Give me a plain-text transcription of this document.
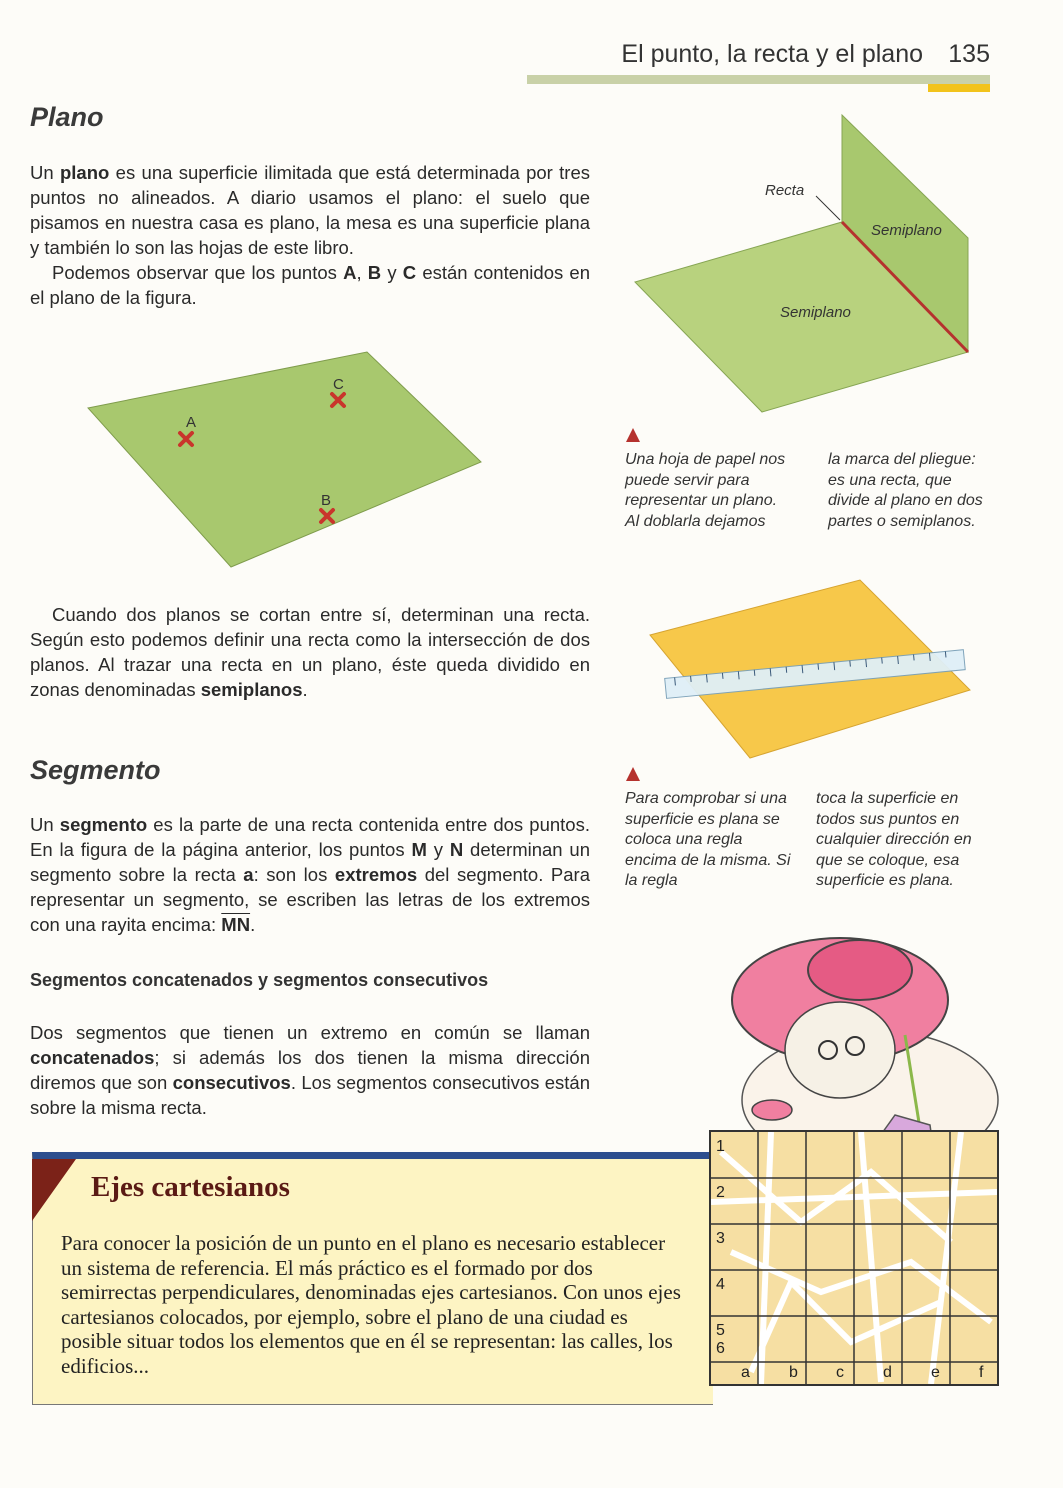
El punto, la recta y el plano 135
Plano

Un plano es una superficie ilimitada que está determinada por tres puntos no alineados. A diario usamos el plano: el suelo que pisamos en nuestra casa es plano, la mesa es una superficie plana y también lo son las hojas de este libro.

Podemos observar que los puntos A, B y C están contenidos en el plano de la figura.

A
C
B
Recta
Semiplano
Semiplano
Una hoja de papel nos puede servir para representar un plano. Al doblarla dejamos
la marca del pliegue: es una recta, que divide al plano en dos partes o semiplanos.

Cuando dos planos se cortan entre sí, determinan una recta. Según esto podemos definir una recta como la intersección de dos planos. Al trazar una recta en un plano, éste queda dividido en zonas denominadas semiplanos.

Para comprobar si una superficie es plana se coloca una regla encima de la misma. Si la regla
toca la superficie en todos sus puntos en cualquier dirección en que se coloque, esa superficie es plana.
Segmento

Un segmento es la parte de una recta contenida entre dos puntos. En la figura de la página anterior, los puntos M y N determinan un segmento sobre la recta a: son los extremos del segmento. Para representar un segmento, se escriben las letras de los extremos con una rayita encima: $\overline{MN}$.

Segmentos concatenados y segmentos consecutivos

Dos segmentos que tienen un extremo en común se llaman concatenados; si además los dos tienen la misma dirección diremos que son consecutivos. Los segmentos consecutivos están sobre la misma recta.

Ejes cartesianos
Para conocer la posición de un punto en el plano es necesario establecer un sistema de referencia. El más práctico es el formado por dos semirrectas perpendiculares, denominadas ejes cartesianos. Con unos ejes cartesianos colocados, por ejemplo, sobre el plano de una ciudad es posible situar todos los elementos que en él se representan: las calles, los edificios...
1
2
3
4
5
6
a b c d e f
